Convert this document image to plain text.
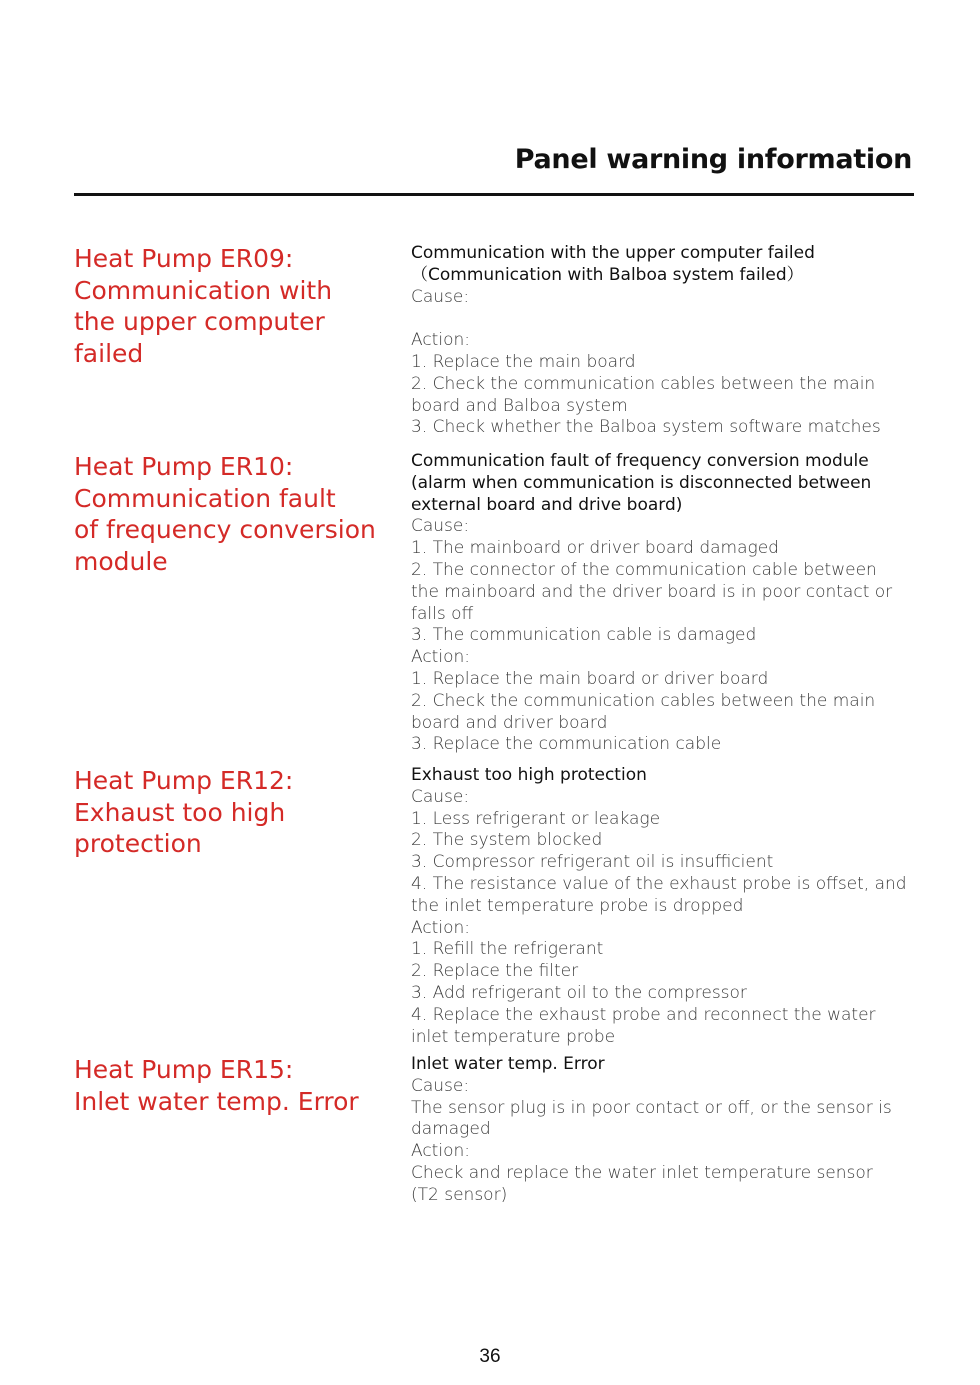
Panel warning information
Heat Pump ER09:
Communication with
the upper computer
failed
Communication with the upper computer failed
（Communication with Balboa system failed）
Cause:
Action:
1. Replace the main board
2. Check the communication cables between the main
board and Balboa system
3. Check whether the Balboa system software matches
Heat Pump ER10:
Communication fault
of frequency conversion
module
Communication fault of frequency conversion module
(alarm when communication is disconnected between
external board and drive board)
Cause:
1. The mainboard or driver board damaged
2. The connector of the communication cable between
the mainboard and the driver board is in poor contact or
falls off
3. The communication cable is damaged
Action:
1. Replace the main board or driver board
2. Check the communication cables between the main
board and driver board
3. Replace the communication cable
Heat Pump ER12:
Exhaust too high
protection
Exhaust too high protection
Cause:
1. Less refrigerant or leakage
2. The system blocked
3. Compressor refrigerant oil is insufficient
4. The resistance value of the exhaust probe is offset, and
the inlet temperature probe is dropped
Action:
1. Refill the refrigerant
2. Replace the filter
3. Add refrigerant oil to the compressor
4. Replace the exhaust probe and reconnect the water
inlet temperature probe
Heat Pump ER15:
Inlet water temp. Error
Inlet water temp. Error
Cause:
The sensor plug is in poor contact or off, or the sensor is
damaged
Action:
Check and replace the water inlet temperature sensor
(T2 sensor)
36
